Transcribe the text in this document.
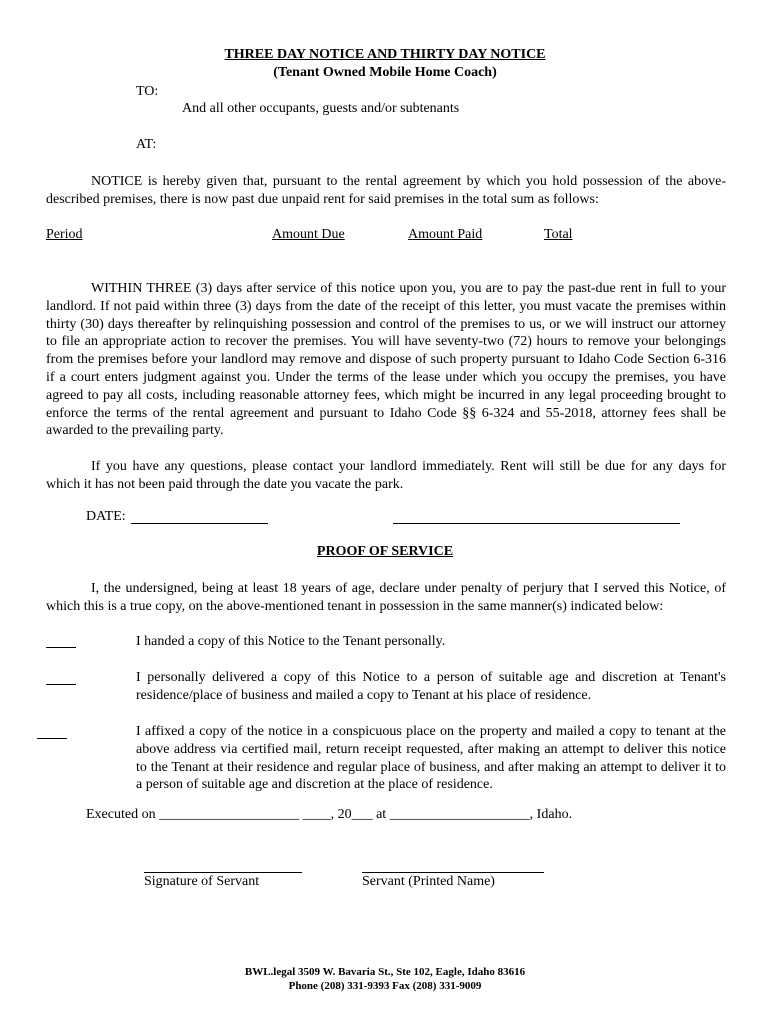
THREE DAY NOTICE AND THIRTY DAY NOTICE

(Tenant Owned Mobile Home Coach)

TO:

And all other occupants, guests and/or subtenants

AT:

NOTICE is hereby given that, pursuant to the rental agreement by which you hold possession of the above-described premises, there is now past due unpaid rent for said premises in the total sum as follows:

Period	Amount Due	Amount Paid	Total

WITHIN THREE (3) days after service of this notice upon you, you are to pay the past-due rent in full to your landlord. If not paid within three (3) days from the date of the receipt of this letter, you must vacate the premises within thirty (30) days thereafter by relinquishing possession and control of the premises to us, or we will instruct our attorney to file an appropriate action to recover the premises. You will have seventy-two (72) hours to remove your belongings from the premises before your landlord may remove and dispose of such property pursuant to Idaho Code Section 6-316 if a court enters judgment against you. Under the terms of the lease under which you occupy the premises, you have agreed to pay all costs, including reasonable attorney fees, which might be incurred in any legal proceeding brought to enforce the terms of the rental agreement and pursuant to Idaho Code §§ 6-324 and 55-2018, attorney fees shall be awarded to the prevailing party.

If you have any questions, please contact your landlord immediately. Rent will still be due for any days for which it has not been paid through the date you vacate the park.

DATE:

PROOF OF SERVICE

I, the undersigned, being at least 18 years of age, declare under penalty of perjury that I served this Notice, of which this is a true copy, on the above-mentioned tenant in possession in the same manner(s) indicated below:

I handed a copy of this Notice to the Tenant personally.

I personally delivered a copy of this Notice to a person of suitable age and discretion at Tenant's residence/place of business and mailed a copy to Tenant at his place of residence.

I affixed a copy of the notice in a conspicuous place on the property and mailed a copy to tenant at the above address via certified mail, return receipt requested, after making an attempt to deliver this notice to the Tenant at their residence and regular place of business, and after making an attempt to deliver it to a person of suitable age and discretion at the place of residence.

Executed on ____________________ ____, 20___ at ____________________, Idaho.

Signature of Servant	Servant (Printed Name)

BWL.legal 3509 W. Bavaria St., Ste 102, Eagle, Idaho 83616

Phone (208) 331-9393 Fax (208) 331-9009
